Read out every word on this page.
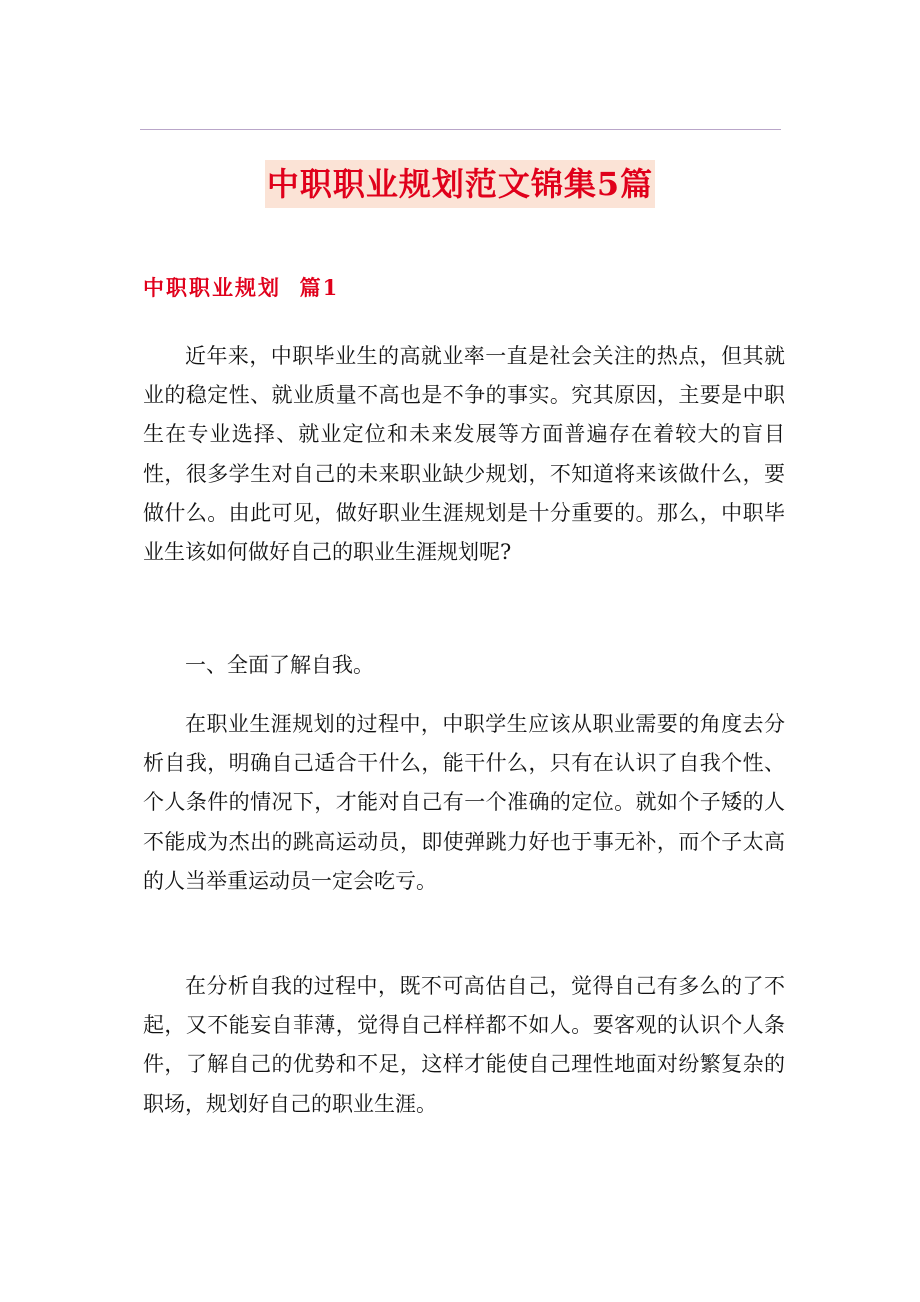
中职职业规划范文锦集5篇
中职职业规划  篇1

近年来，中职毕业生的高就业率一直是社会关注的热点，但其就业的稳定性、就业质量不高也是不争的事实。究其原因，主要是中职生在专业选择、就业定位和未来发展等方面普遍存在着较大的盲目性，很多学生对自己的未来职业缺少规划，不知道将来该做什么，要做什么。由此可见，做好职业生涯规划是十分重要的。那么，中职毕业生该如何做好自己的职业生涯规划呢?

一、全面了解自我。

在职业生涯规划的过程中，中职学生应该从职业需要的角度去分析自我，明确自己适合干什么，能干什么，只有在认识了自我个性、个人条件的情况下，才能对自己有一个准确的定位。就如个子矮的人不能成为杰出的跳高运动员，即使弹跳力好也于事无补，而个子太高的人当举重运动员一定会吃亏。

在分析自我的过程中，既不可高估自己，觉得自己有多么的了不起，又不能妄自菲薄，觉得自己样样都不如人。要客观的认识个人条件，了解自己的优势和不足，这样才能使自己理性地面对纷繁复杂的职场，规划好自己的职业生涯。
